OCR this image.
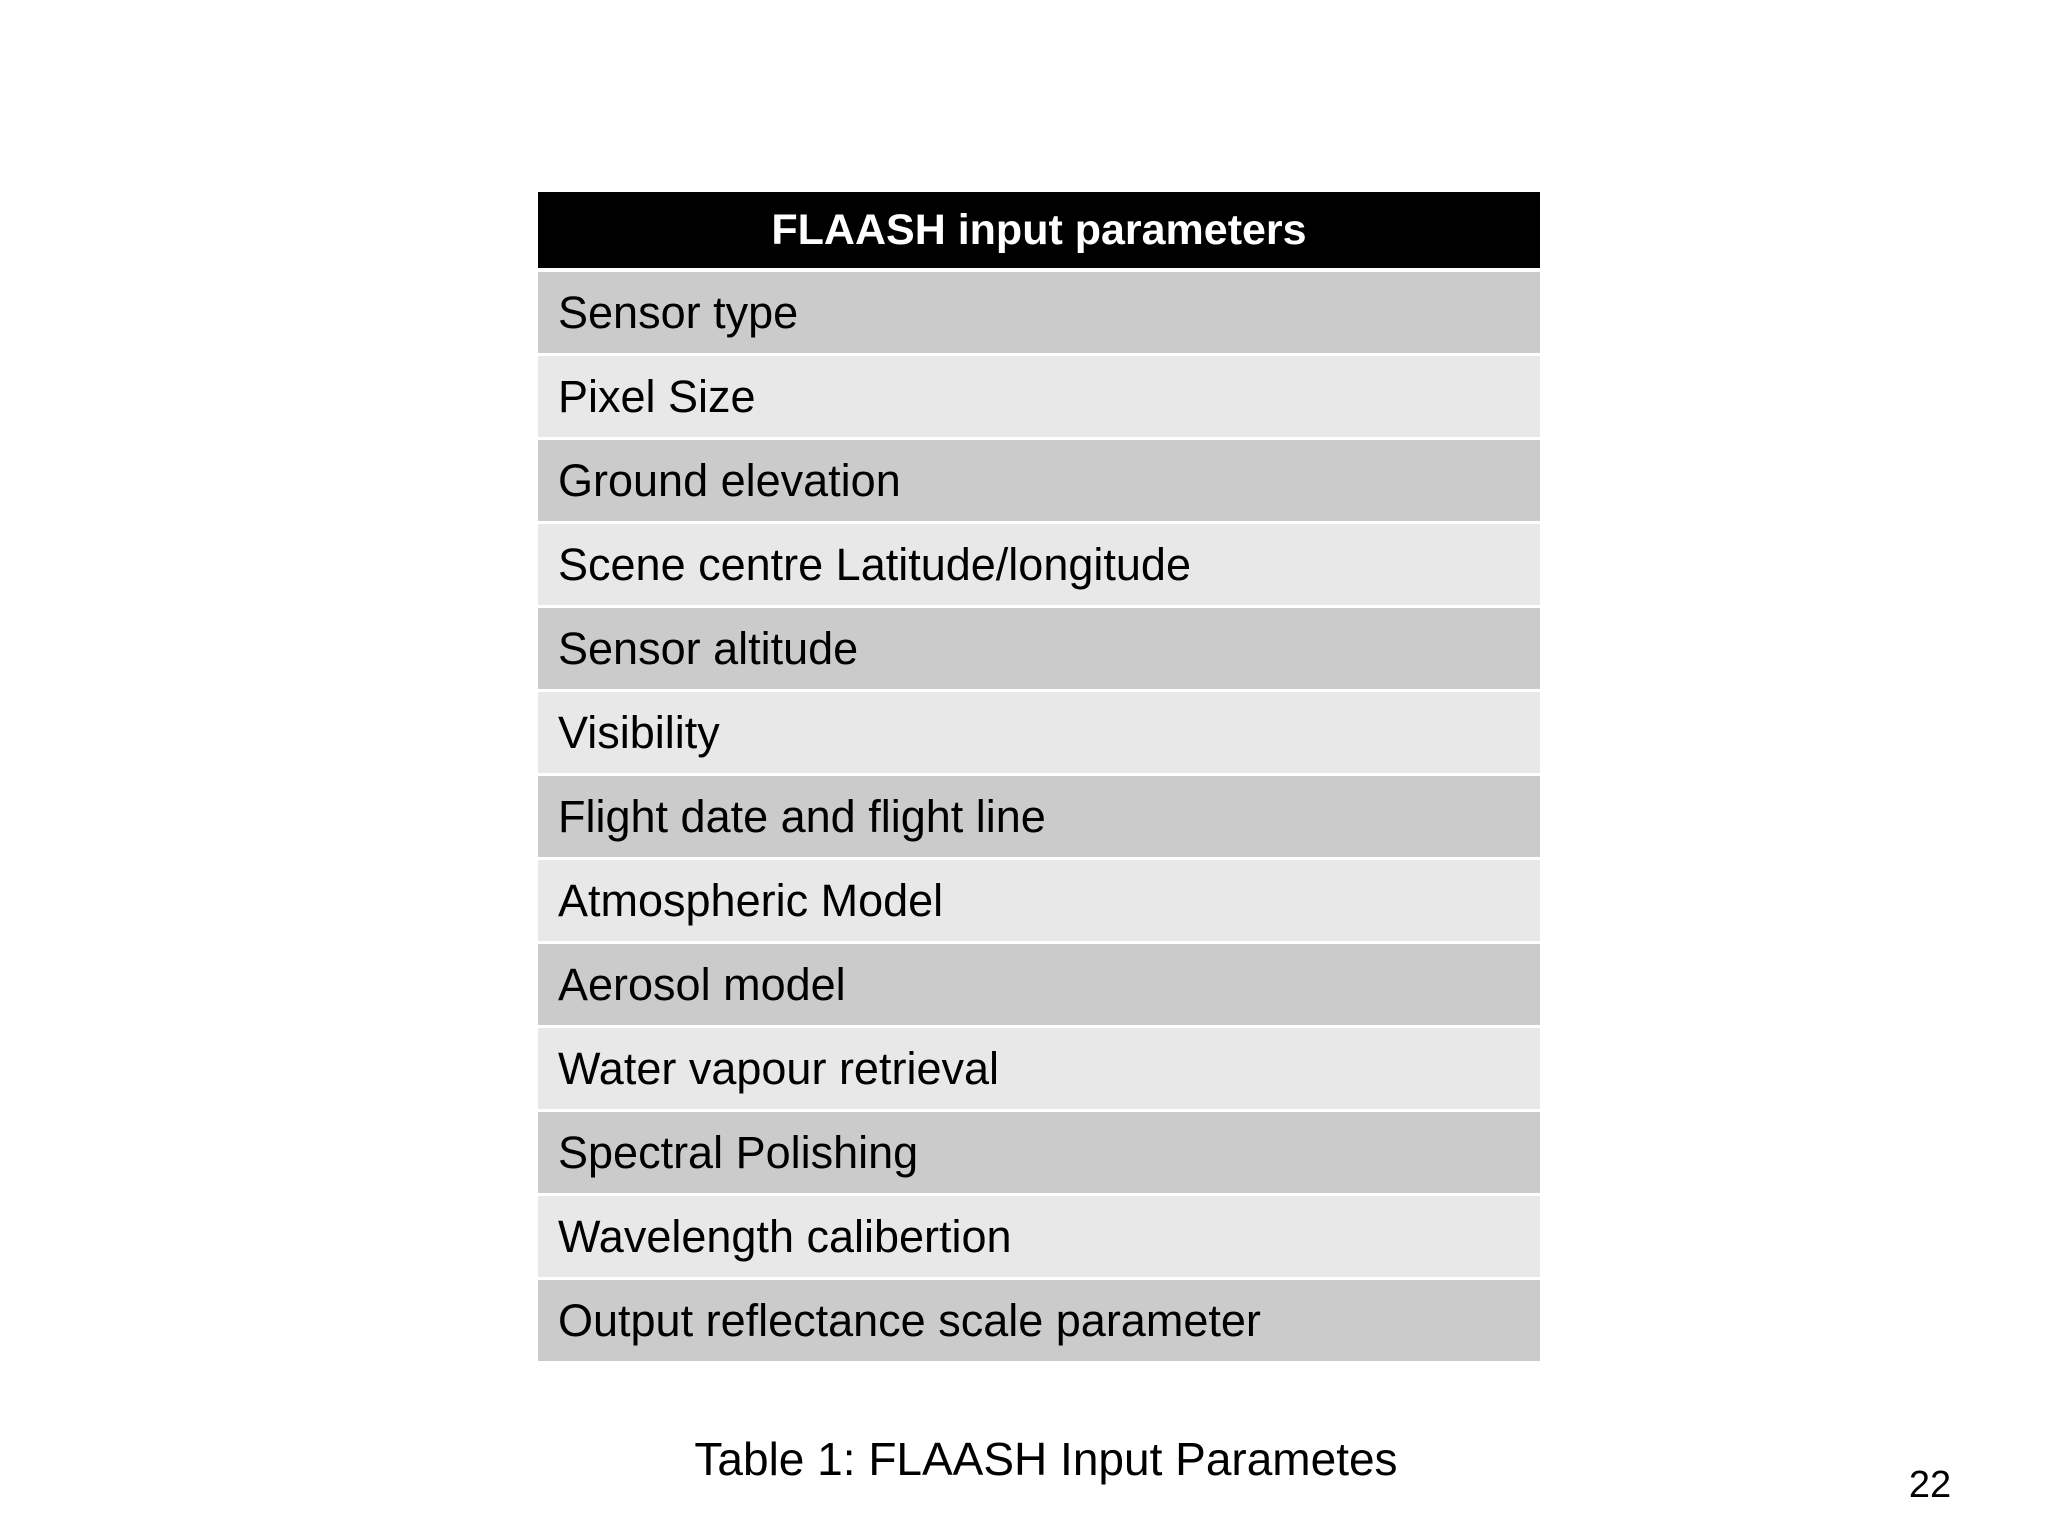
FLAASH input parameters
Sensor type
Pixel Size
Ground elevation
Scene centre Latitude/longitude
Sensor altitude
Visibility
Flight date and flight line
Atmospheric Model
Aerosol model
Water vapour retrieval
Spectral Polishing
Wavelength calibertion
Output reflectance scale parameter
Table 1: FLAASH Input Parametes	22
